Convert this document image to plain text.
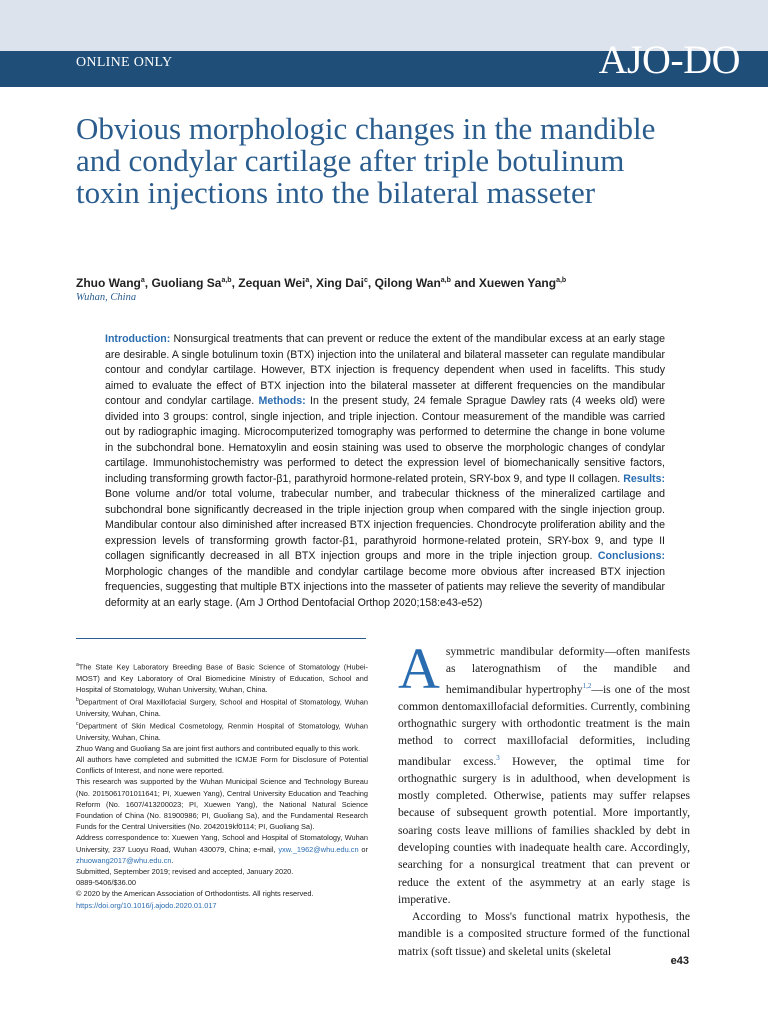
ONLINE ONLY	AJO-DO
Obvious morphologic changes in the mandible and condylar cartilage after triple botulinum toxin injections into the bilateral masseter
Zhuo Wang$^a$, Guoliang Sa$^{a,b}$, Zequan Wei$^a$, Xing Dai$^c$, Qilong Wan$^{a,b}$ and Xuewen Yang$^{a,b}$
Wuhan, China
Introduction: Nonsurgical treatments that can prevent or reduce the extent of the mandibular excess at an early stage are desirable. A single botulinum toxin (BTX) injection into the unilateral and bilateral masseter can regulate mandibular contour and condylar cartilage. However, BTX injection is frequency dependent when used in facelifts. This study aimed to evaluate the effect of BTX injection into the bilateral masseter at different frequencies on the mandibular contour and condylar cartilage. Methods: In the present study, 24 female Sprague Dawley rats (4 weeks old) were divided into 3 groups: control, single injection, and triple injection. Contour measurement of the mandible was carried out by radiographic imaging. Microcomputerized tomography was performed to determine the change in bone volume in the subchondral bone. Hematoxylin and eosin staining was used to observe the morphologic changes of condylar cartilage. Immunohistochemistry was performed to detect the expression level of biomechanically sensitive factors, including transforming growth factor-β1, parathyroid hormone-related protein, SRY-box 9, and type II collagen. Results: Bone volume and/or total volume, trabecular number, and trabecular thickness of the mineralized cartilage and subchondral bone significantly decreased in the triple injection group when compared with the single injection group. Mandibular contour also diminished after increased BTX injection frequencies. Chondrocyte proliferation ability and the expression levels of transforming growth factor-β1, parathyroid hormone-related protein, SRY-box 9, and type II collagen significantly decreased in all BTX injection groups and more in the triple injection group. Conclusions: Morphologic changes of the mandible and condylar cartilage become more obvious after increased BTX injection frequencies, suggesting that multiple BTX injections into the masseter of patients may relieve the severity of mandibular deformity at an early stage. (Am J Orthod Dentofacial Orthop 2020;158:e43-e52)

$^a$The State Key Laboratory Breeding Base of Basic Science of Stomatology (Hubei-MOST) and Key Laboratory of Oral Biomedicine Ministry of Education, School and Hospital of Stomatology, Wuhan University, Wuhan, China.

$^b$Department of Oral Maxillofacial Surgery, School and Hospital of Stomatology, Wuhan University, Wuhan, China.

$^c$Department of Skin Medical Cosmetology, Renmin Hospital of Stomatology, Wuhan University, Wuhan, China.

Zhuo Wang and Guoliang Sa are joint first authors and contributed equally to this work.

All authors have completed and submitted the ICMJE Form for Disclosure of Potential Conflicts of Interest, and none were reported.

This research was supported by the Wuhan Municipal Science and Technology Bureau (No. 2015061701011641; PI, Xuewen Yang), Central University Education and Teaching Reform (No. 1607/413200023; PI, Xuewen Yang), the National Natural Science Foundation of China (No. 81900986; PI, Guoliang Sa), and the Fundamental Research Funds for the Central Universities (No. 2042019kf0114; PI, Guoliang Sa).

Address correspondence to: Xuewen Yang, School and Hospital of Stomatology, Wuhan University, 237 Luoyu Road, Wuhan 430079, China; e-mail, yxw._1962@whu.edu.cn or zhuowang2017@whu.edu.cn.

Submitted, September 2019; revised and accepted, January 2020.

0889-5406/$36.00

© 2020 by the American Association of Orthodontists. All rights reserved.

https://doi.org/10.1016/j.ajodo.2020.01.017

Asymmetric mandibular deformity—often manifests as laterognathism of the mandible and hemimandibular hypertrophy$^{1,2}$—is one of the most common dentomaxillofacial deformities. Currently, combining orthognathic surgery with orthodontic treatment is the main method to correct maxillofacial deformities, including mandibular excess.$^3$ However, the optimal time for orthognathic surgery is in adulthood, when development is mostly completed. Otherwise, patients may suffer relapses because of subsequent growth potential. More importantly, soaring costs leave millions of families shackled by debt in developing counties with inadequate health care. Accordingly, searching for a nonsurgical treatment that can prevent or reduce the extent of the asymmetry at an early stage is imperative.

According to Moss's functional matrix hypothesis, the mandible is a composited structure formed of the functional matrix (soft tissue) and skeletal units (skeletal

e43
